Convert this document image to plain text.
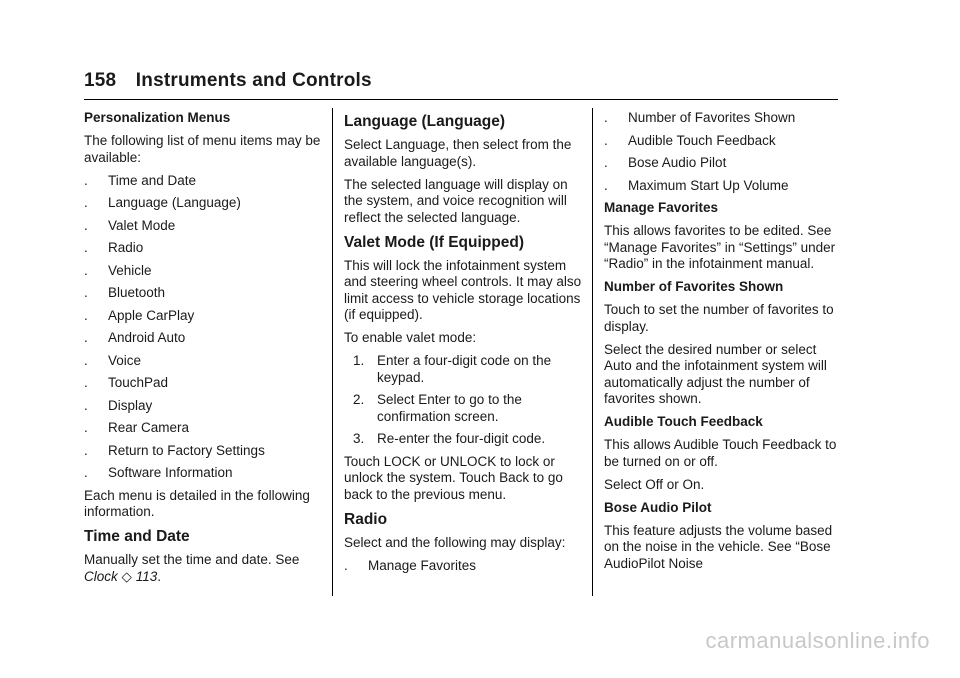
158 Instruments and Controls

Personalization Menus

The following list of menu items may be available:

. Time and Date
. Language (Language)
. Valet Mode
. Radio
. Vehicle
. Bluetooth
. Apple CarPlay
. Android Auto
. Voice
. TouchPad
. Display
. Rear Camera
. Return to Factory Settings
. Software Information

Each menu is detailed in the following information.

Time and Date

Manually set the time and date. See Clock ◇ 113.

Language (Language)

Select Language, then select from the available language(s).

The selected language will display on the system, and voice recognition will reflect the selected language.

Valet Mode (If Equipped)

This will lock the infotainment system and steering wheel controls. It may also limit access to vehicle storage locations (if equipped).

To enable valet mode:

1. Enter a four-digit code on the keypad.
2. Select Enter to go to the confirmation screen.
3. Re-enter the four-digit code.

Touch LOCK or UNLOCK to lock or unlock the system. Touch Back to go back to the previous menu.

Radio

Select and the following may display:

. Manage Favorites
. Number of Favorites Shown
. Audible Touch Feedback
. Bose Audio Pilot
. Maximum Start Up Volume

Manage Favorites

This allows favorites to be edited. See “Manage Favorites” in “Settings” under “Radio” in the infotainment manual.

Number of Favorites Shown

Touch to set the number of favorites to display.

Select the desired number or select Auto and the infotainment system will automatically adjust the number of favorites shown.

Audible Touch Feedback

This allows Audible Touch Feedback to be turned on or off.

Select Off or On.

Bose Audio Pilot

This feature adjusts the volume based on the noise in the vehicle. See “Bose AudioPilot Noise

carmanualsonline.info
